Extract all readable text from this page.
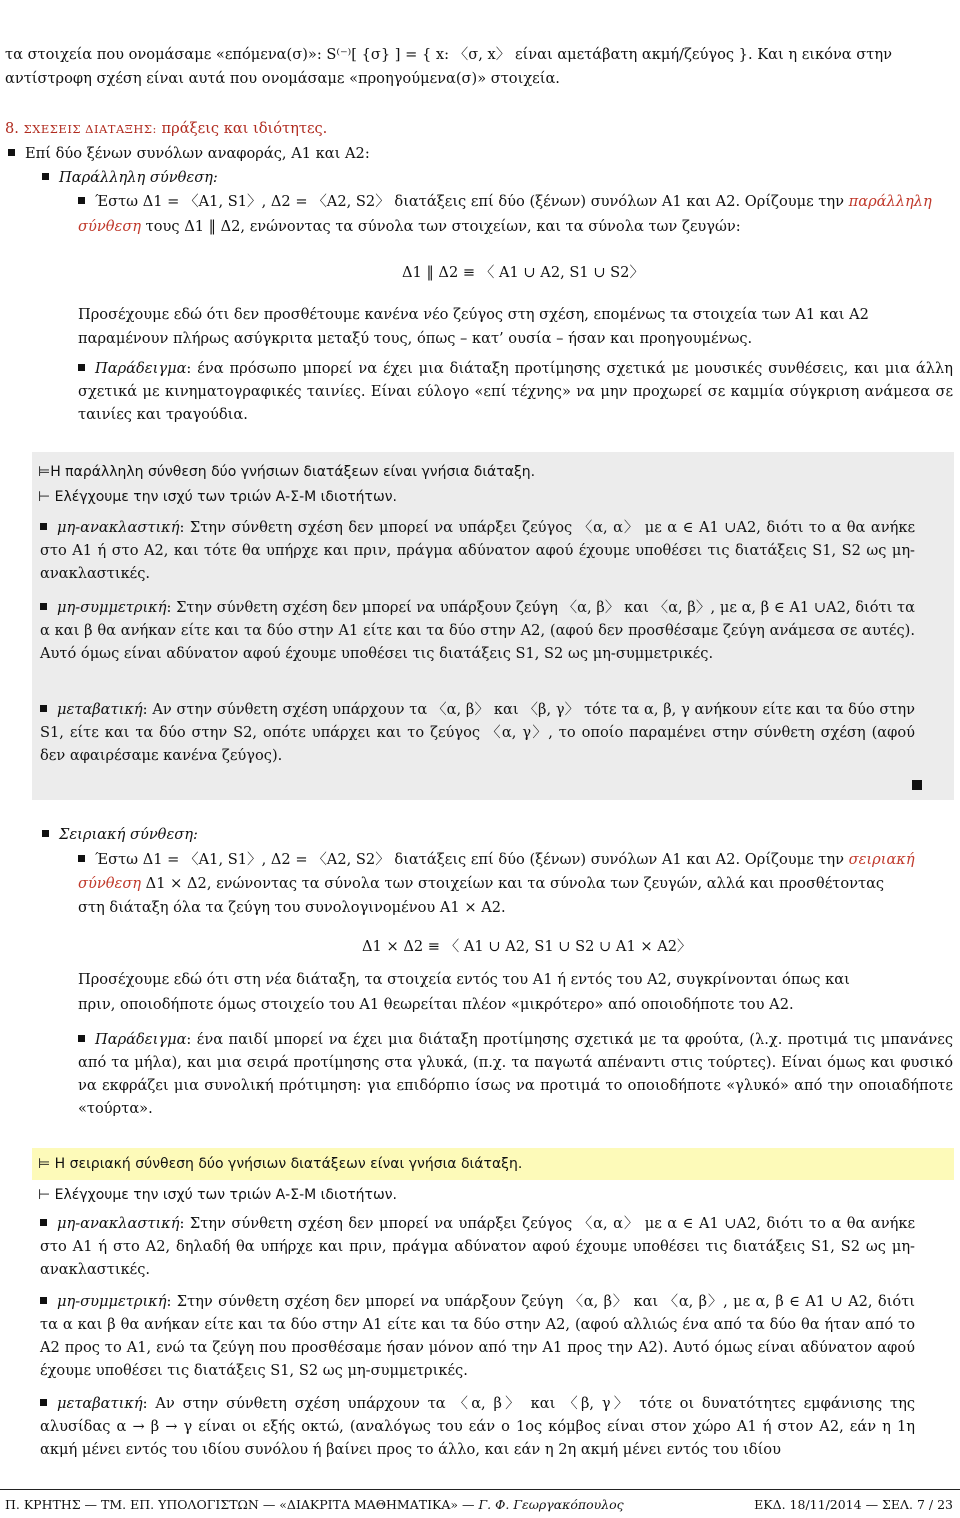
τα στοιχεία που ονομάσαμε «επόμενα(σ)»: S⁽⁻⁾[ {σ} ] = { x: 〈σ, x〉 είναι αμετάβατη ακμή/ζεύγος }. Και η εικόνα στην
αντίστροφη σχέση είναι αυτά που ονομάσαμε «προηγούμενα(σ)» στοιχεία.
8. ΣΧΕΣΕΙΣ ΔΙΑΤΑΞΗΣ: πράξεις και ιδιότητες.
Επί δύο ξένων συνόλων αναφοράς, A1 και A2:
Παράλληλη σύνθεση:
Έστω Δ1 = 〈A1, S1〉, Δ2 = 〈A2, S2〉 διατάξεις επί δύο (ξένων) συνόλων A1 και A2. Ορίζουμε την παράλληλη
σύνθεση τους Δ1 ‖ Δ2, ενώνοντας τα σύνολα των στοιχείων, και τα σύνολα των ζευγών:
Δ1 ‖ Δ2 ≡ 〈 A1 ∪ A2, S1 ∪ S2〉
Προσέχουμε εδώ ότι δεν προσθέτουμε κανένα νέο ζεύγος στη σχέση, επομένως τα στοιχεία των A1 και A2
παραμένουν πλήρως ασύγκριτα μεταξύ τους, όπως – κατ’ ουσία – ήσαν και προηγουμένως.
Παράδειγμα: ένα πρόσωπο μπορεί να έχει μια διάταξη προτίμησης σχετικά με μουσικές συνθέσεις, και μια άλλη σχετικά με κινηματογραφικές ταινίες. Είναι εύλογο «επί τέχνης» να μην προχωρεί σε καμμία σύγκριση ανάμεσα σε ταινίες και τραγούδια.
⊨Η παράλληλη σύνθεση δύο γνήσιων διατάξεων είναι γνήσια διάταξη.
⊢ Ελέγχουμε την ισχύ των τριών Α-Σ-Μ ιδιοτήτων.
μη-ανακλαστική: Στην σύνθετη σχέση δεν μπορεί να υπάρξει ζεύγος 〈α, α〉 με α ∈ A1 ∪A2, διότι το α θα ανήκε στο A1 ή στο A2, και τότε θα υπήρχε και πριν, πράγμα αδύνατον αφού έχουμε υποθέσει τις διατάξεις S1, S2 ως μη-ανακλαστικές.
μη-συμμετρική: Στην σύνθετη σχέση δεν μπορεί να υπάρξουν ζεύγη 〈α, β〉 και 〈α, β〉, με α, β ∈ A1 ∪A2, διότι τα α και β θα ανήκαν είτε και τα δύο στην A1 είτε και τα δύο στην A2, (αφού δεν προσθέσαμε ζεύγη ανάμεσα σε αυτές). Αυτό όμως είναι αδύνατον αφού έχουμε υποθέσει τις διατάξεις S1, S2 ως μη-συμμετρικές.
μεταβατική: Αν στην σύνθετη σχέση υπάρχουν τα 〈α, β〉 και 〈β, γ〉 τότε τα α, β, γ ανήκουν είτε και τα δύο στην S1, είτε και τα δύο στην S2, οπότε υπάρχει και το ζεύγος 〈α, γ〉, το οποίο παραμένει στην σύνθετη σχέση (αφού δεν αφαιρέσαμε κανένα ζεύγος).
Σειριακή σύνθεση:
Έστω Δ1 = 〈A1, S1〉, Δ2 = 〈A2, S2〉 διατάξεις επί δύο (ξένων) συνόλων A1 και A2. Ορίζουμε την σειριακή
σύνθεση Δ1 × Δ2, ενώνοντας τα σύνολα των στοιχείων και τα σύνολα των ζευγών, αλλά και προσθέτοντας
στη διάταξη όλα τα ζεύγη του συνολογινομένου A1 × A2.
Δ1 × Δ2 ≡ 〈 A1 ∪ A2, S1 ∪ S2 ∪ A1 × A2〉
Προσέχουμε εδώ ότι στη νέα διάταξη, τα στοιχεία εντός του A1 ή εντός του A2, συγκρίνονται όπως και
πριν, οποιοδήποτε όμως στοιχείο του A1 θεωρείται πλέον «μικρότερο» από οποιοδήποτε του A2.
Παράδειγμα: ένα παιδί μπορεί να έχει μια διάταξη προτίμησης σχετικά με τα φρούτα, (λ.χ. προτιμά τις μπανάνες από τα μήλα), και μια σειρά προτίμησης στα γλυκά, (π.χ. τα παγωτά απέναντι στις τούρτες). Είναι όμως και φυσικό να εκφράζει μια συνολική πρότιμηση: για επιδόρπιο ίσως να προτιμά το οποιοδήποτε «γλυκό» από την οποιαδήποτε «τούρτα».
⊨ Η σειριακή σύνθεση δύο γνήσιων διατάξεων είναι γνήσια διάταξη.
⊢ Ελέγχουμε την ισχύ των τριών Α-Σ-Μ ιδιοτήτων.
μη-ανακλαστική: Στην σύνθετη σχέση δεν μπορεί να υπάρξει ζεύγος 〈α, α〉 με α ∈ A1 ∪A2, διότι το α θα ανήκε στο A1 ή στο A2, δηλαδή θα υπήρχε και πριν, πράγμα αδύνατον αφού έχουμε υποθέσει τις διατάξεις S1, S2 ως μη-ανακλαστικές.
μη-συμμετρική: Στην σύνθετη σχέση δεν μπορεί να υπάρξουν ζεύγη 〈α, β〉 και 〈α, β〉, με α, β ∈ A1 ∪ A2, διότι τα α και β θα ανήκαν είτε και τα δύο στην A1 είτε και τα δύο στην A2, (αφού αλλιώς ένα από τα δύο θα ήταν από το A2 προς το A1, ενώ τα ζεύγη που προσθέσαμε ήσαν μόνον από την A1 προς την A2). Αυτό όμως είναι αδύνατον αφού έχουμε υποθέσει τις διατάξεις S1, S2 ως μη-συμμετρικές.
μεταβατική: Αν στην σύνθετη σχέση υπάρχουν τα 〈α, β〉 και 〈β, γ〉 τότε οι δυνατότητες εμφάνισης της αλυσίδας α → β → γ είναι οι εξής οκτώ, (αναλόγως του εάν ο 1ος κόμβος είναι στον χώρο A1 ή στον A2, εάν η 1η ακμή μένει εντός του ιδίου συνόλου ή βαίνει προς το άλλο, και εάν η 2η ακμή μένει εντός του ιδίου
Π. ΚΡΗΤΗΣ — ΤΜ. ΕΠ. ΥΠΟΛΟΓΙΣΤΩΝ — «ΔΙΑΚΡΙΤΑ ΜΑΘΗΜΑΤΙΚΑ» — Γ. Φ. Γεωργακόπουλος	ΕΚΔ. 18/11/2014 — ΣΕΛ. 7 / 23
